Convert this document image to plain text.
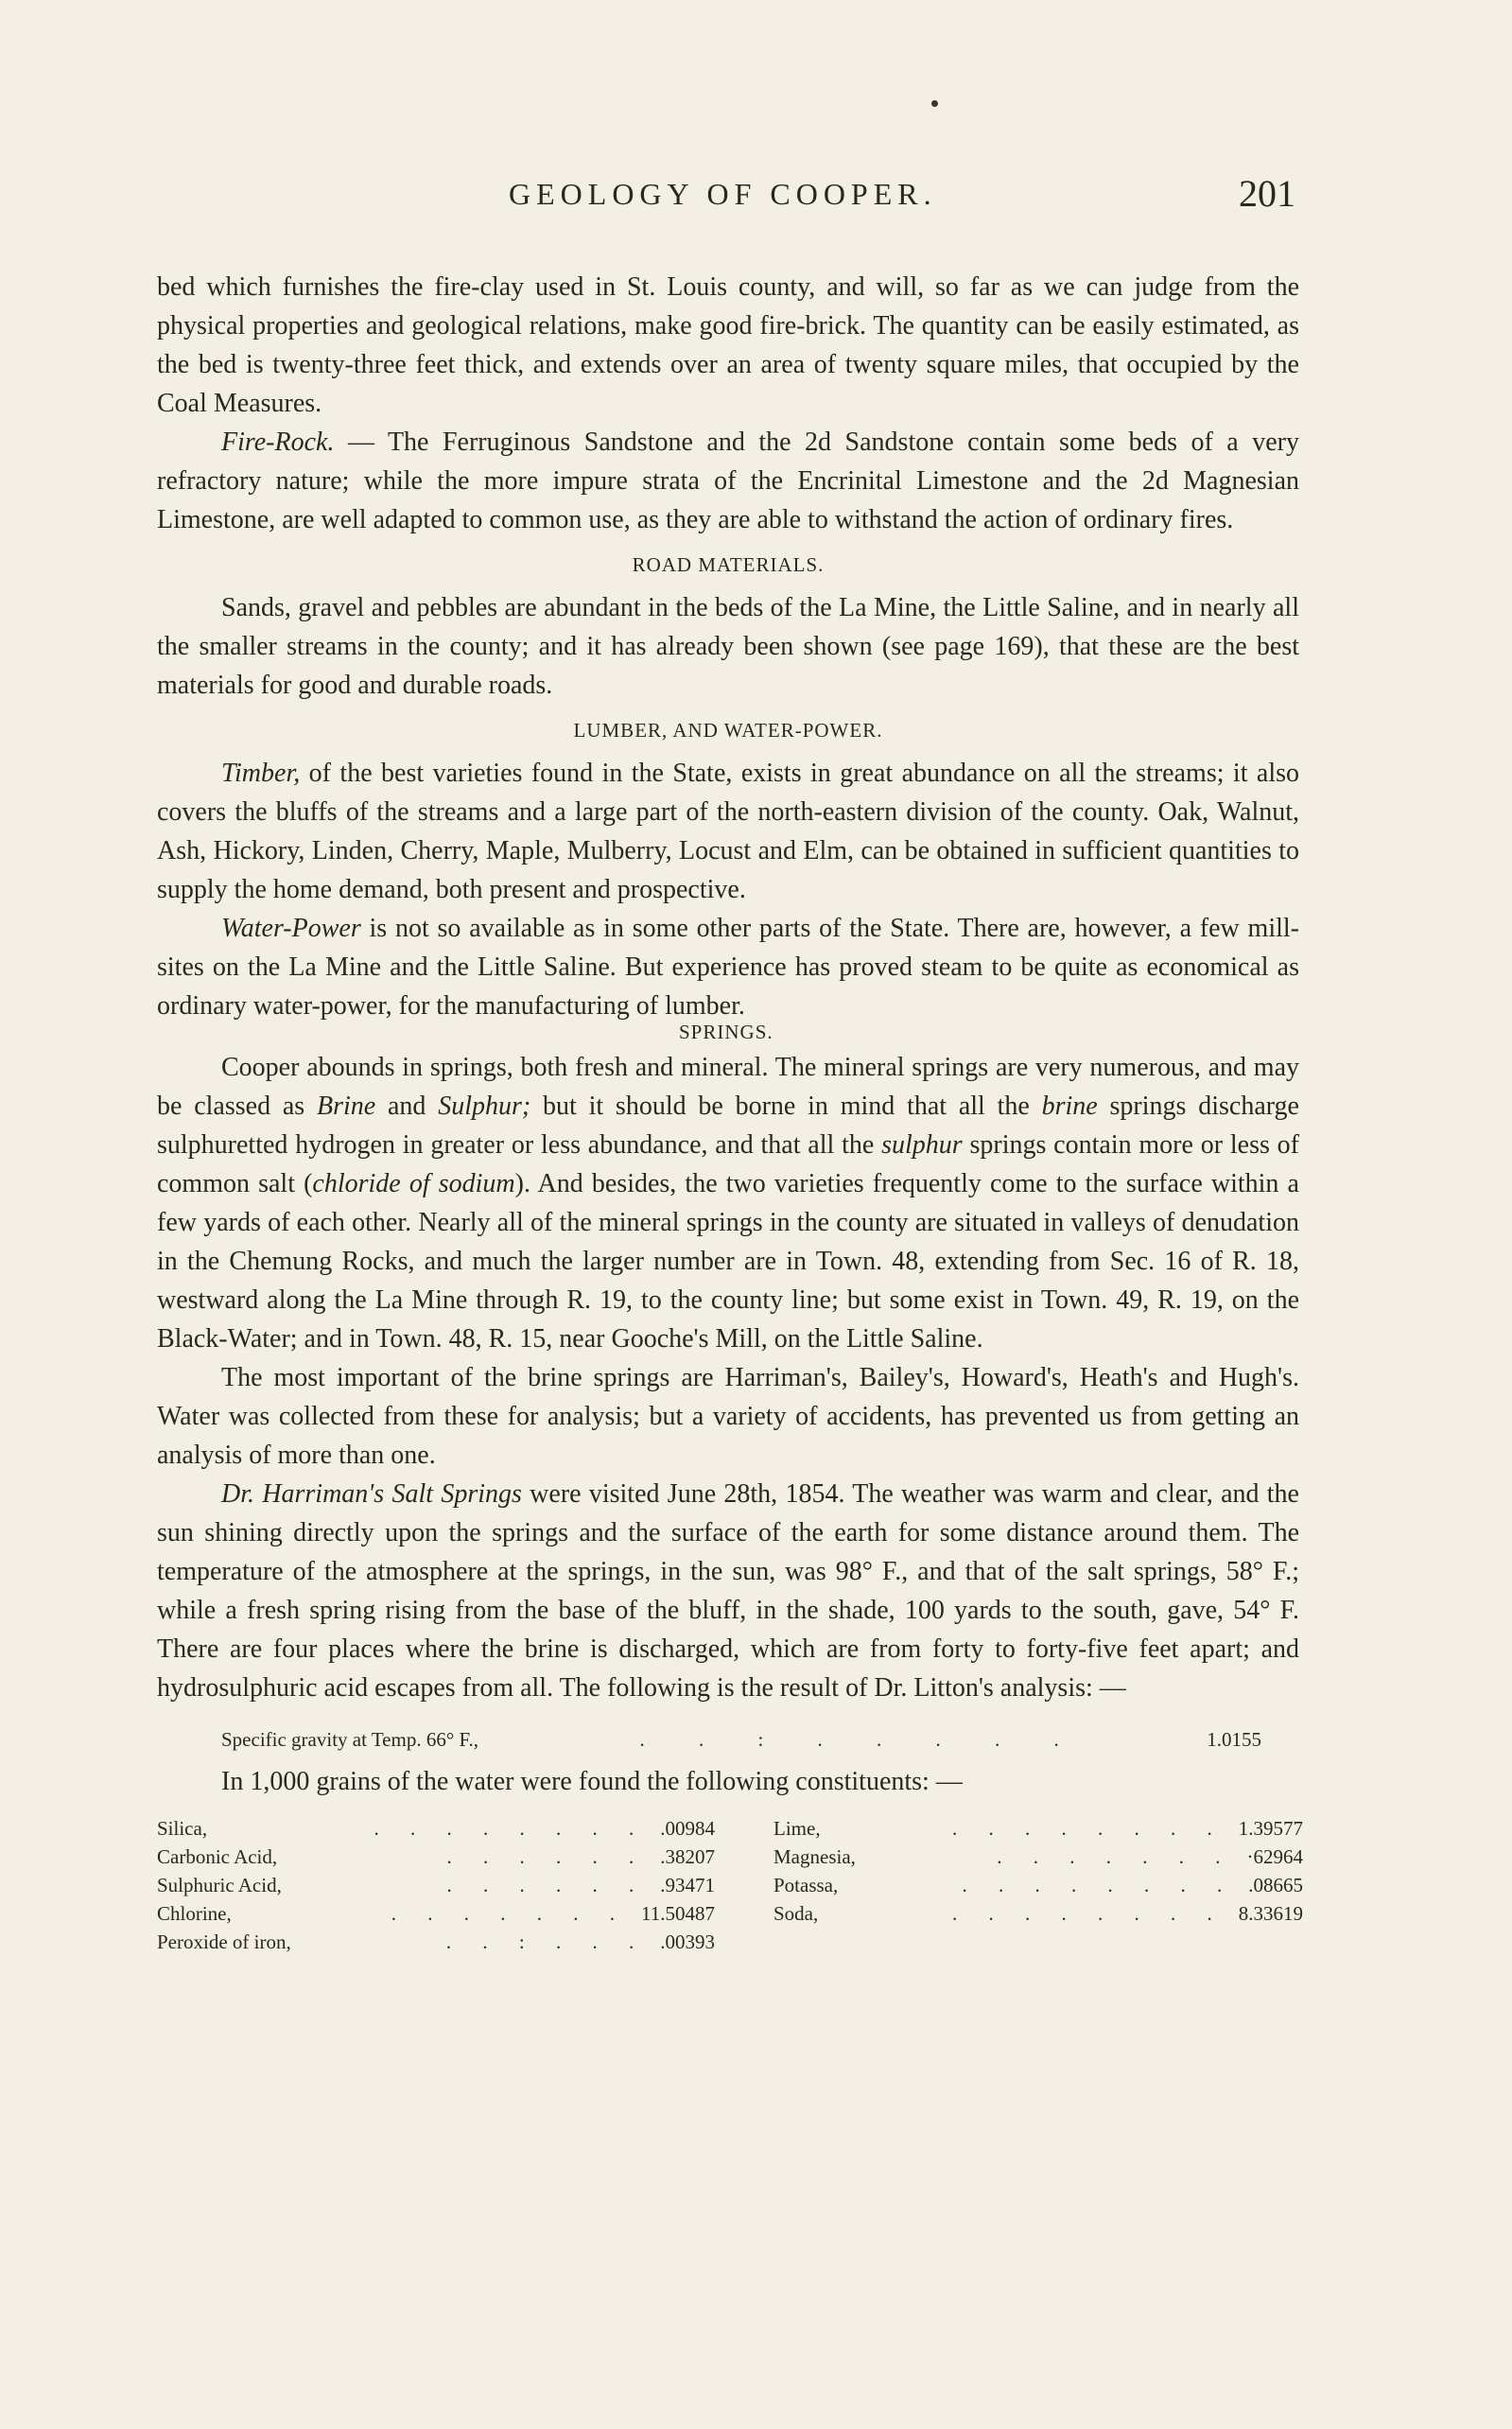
GEOLOGY OF COOPER.	201

bed which furnishes the fire-clay used in St. Louis county, and will, so far as we can judge from the physical properties and geological relations, make good fire-brick. The quantity can be easily estimated, as the bed is twenty-three feet thick, and extends over an area of twenty square miles, that occupied by the Coal Measures.

Fire-Rock. — The Ferruginous Sandstone and the 2d Sandstone contain some beds of a very refractory nature; while the more impure strata of the Encrinital Limestone and the 2d Magnesian Limestone, are well adapted to common use, as they are able to withstand the action of ordinary fires.

ROAD MATERIALS.

Sands, gravel and pebbles are abundant in the beds of the La Mine, the Little Saline, and in nearly all the smaller streams in the county; and it has already been shown (see page 169), that these are the best materials for good and durable roads.

LUMBER, AND WATER-POWER.

Timber, of the best varieties found in the State, exists in great abundance on all the streams; it also covers the bluffs of the streams and a large part of the north-eastern division of the county. Oak, Walnut, Ash, Hickory, Linden, Cherry, Maple, Mulberry, Locust and Elm, can be obtained in sufficient quantities to supply the home demand, both present and prospective.

Water-Power is not so available as in some other parts of the State. There are, however, a few mill-sites on the La Mine and the Little Saline. But experience has proved steam to be quite as economical as ordinary water-power, for the manufacturing of lumber.

SPRINGS.

Cooper abounds in springs, both fresh and mineral. The mineral springs are very numerous, and may be classed as Brine and Sulphur; but it should be borne in mind that all the brine springs discharge sulphuretted hydrogen in greater or less abundance, and that all the sulphur springs contain more or less of common salt (chloride of sodium). And besides, the two varieties frequently come to the surface within a few yards of each other. Nearly all of the mineral springs in the county are situated in valleys of denudation in the Chemung Rocks, and much the larger number are in Town. 48, extending from Sec. 16 of R. 18, westward along the La Mine through R. 19, to the county line; but some exist in Town. 49, R. 19, on the Black-Water; and in Town. 48, R. 15, near Gooche's Mill, on the Little Saline.

The most important of the brine springs are Harriman's, Bailey's, Howard's, Heath's and Hugh's. Water was collected from these for analysis; but a variety of accidents, has prevented us from getting an analysis of more than one.

Dr. Harriman's Salt Springs were visited June 28th, 1854. The weather was warm and clear, and the sun shining directly upon the springs and the surface of the earth for some distance around them. The temperature of the atmosphere at the springs, in the sun, was 98° F., and that of the salt springs, 58° F.; while a fresh spring rising from the base of the bluff, in the shade, 100 yards to the south, gave, 54° F. There are four places where the brine is discharged, which are from forty to forty-five feet apart; and hydrosulphuric acid escapes from all. The following is the result of Dr. Litton's analysis: —

Specific gravity at Temp. 66° F.,	. . : . . . . .	1.0155

In 1,000 grains of the water were found the following constituents: —

Silica,	. . . . . . . . .00984
Carbonic Acid,	. . . . . . .38207
Sulphuric Acid,	. . . . . . .93471
Chlorine,	. . . . . . . 11.50487
Peroxide of iron,	. . : . . . .00393
Lime,	. . . . . . . . 1.39577
Magnesia,	. . . . . . . ·62964
Potassa,	. . . . . . . . .08665
Soda,	. . . . . . . . 8.33619
